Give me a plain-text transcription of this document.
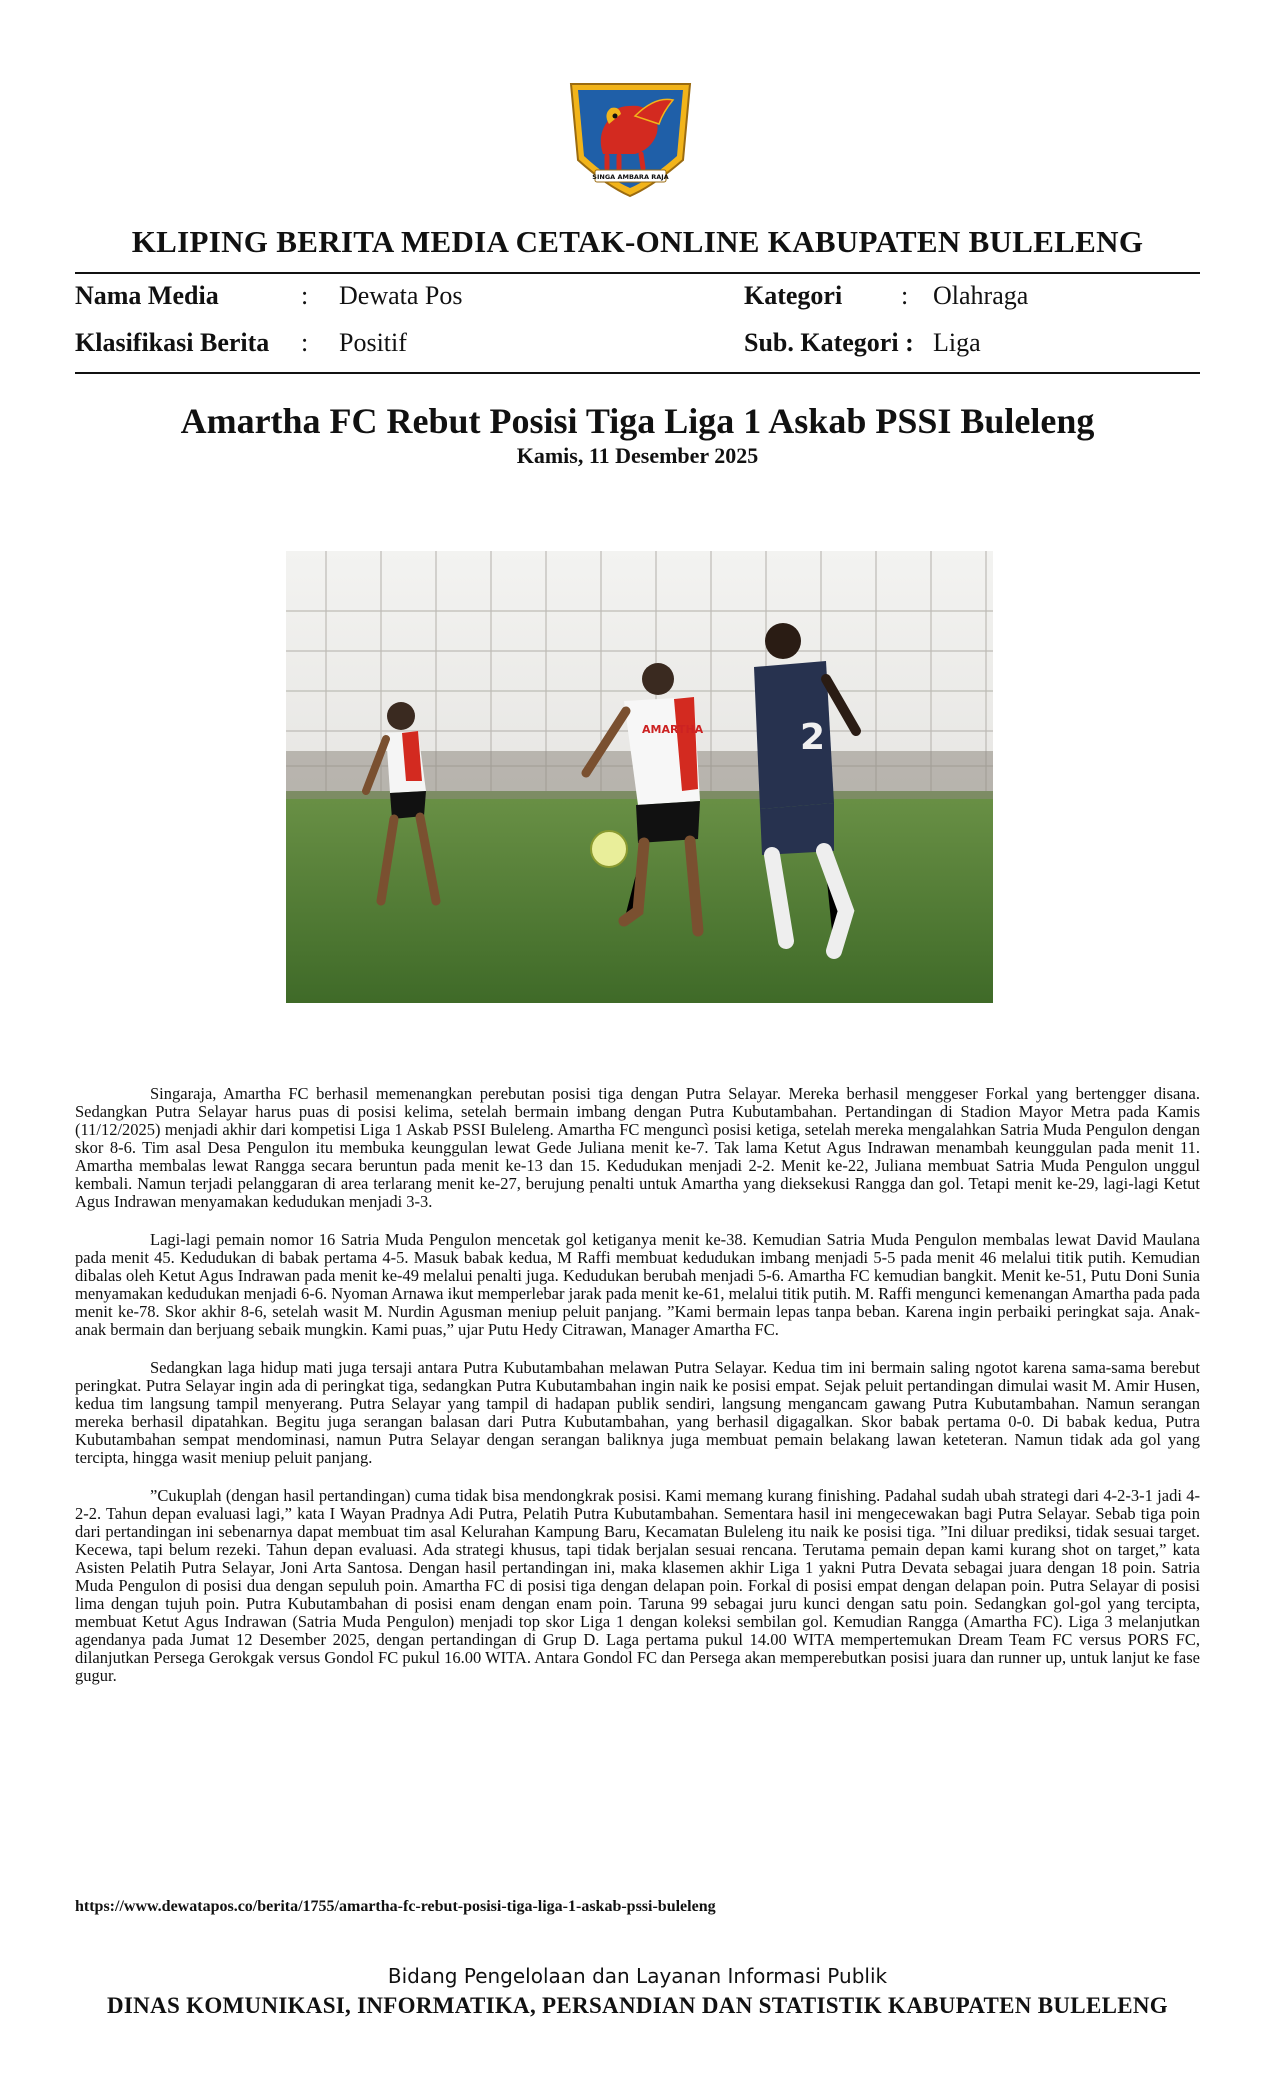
SINGA AMBARA RAJA
KLIPING BERITA MEDIA CETAK-ONLINE KABUPATEN BULELENG
Nama Media	: Dewata Pos	Kategori : Olahraga
Klasifikasi Berita : Positif	Sub. Kategori : Liga
Amartha FC Rebut Posisi Tiga Liga 1 Askab PSSI Buleleng
Kamis, 11 Desember 2025
AMARTHA	2

Singaraja, Amartha FC berhasil memenangkan perebutan posisi tiga dengan Putra Selayar. Mereka berhasil menggeser Forkal yang bertengger disana. Sedangkan Putra Selayar harus puas di posisi kelima, setelah bermain imbang dengan Putra Kubutambahan. Pertandingan di Stadion Mayor Metra pada Kamis (11/12/2025) menjadi akhir dari kompetisi Liga 1 Askab PSSI Buleleng. Amartha FC menguncì posisi ketiga, setelah mereka mengalahkan Satria Muda Pengulon dengan skor 8-6. Tim asal Desa Pengulon itu membuka keunggulan lewat Gede Juliana menit ke-7. Tak lama Ketut Agus Indrawan menambah keunggulan pada menit 11. Amartha membalas lewat Rangga secara beruntun pada menit ke-13 dan 15. Kedudukan menjadi 2-2. Menit ke-22, Juliana membuat Satria Muda Pengulon unggul kembali. Namun terjadi pelanggaran di area terlarang menit ke-27, berujung penalti untuk Amartha yang dieksekusi Rangga dan gol. Tetapi menit ke-29, lagi-lagi Ketut Agus Indrawan menyamakan kedudukan menjadi 3-3.

Lagi-lagi pemain nomor 16 Satria Muda Pengulon mencetak gol ketiganya menit ke-38. Kemudian Satria Muda Pengulon membalas lewat David Maulana pada menit 45. Kedudukan di babak pertama 4-5. Masuk babak kedua, M Raffi membuat kedudukan imbang menjadi 5-5 pada menit 46 melalui titik putih. Kemudian dibalas oleh Ketut Agus Indrawan pada menit ke-49 melalui penalti juga. Kedudukan berubah menjadi 5-6. Amartha FC kemudian bangkit. Menit ke-51, Putu Doni Sunia menyamakan kedudukan menjadi 6-6. Nyoman Arnawa ikut memperlebar jarak pada menit ke-61, melalui titik putih. M. Raffi mengunci kemenangan Amartha pada pada menit ke-78. Skor akhir 8-6, setelah wasit M. Nurdin Agusman meniup peluit panjang. ”Kami bermain lepas tanpa beban. Karena ingin perbaiki peringkat saja. Anak-anak bermain dan berjuang sebaik mungkin. Kami puas,” ujar Putu Hedy Citrawan, Manager Amartha FC.

Sedangkan laga hidup mati juga tersaji antara Putra Kubutambahan melawan Putra Selayar. Kedua tim ini bermain saling ngotot karena sama-sama berebut peringkat. Putra Selayar ingin ada di peringkat tiga, sedangkan Putra Kubutambahan ingin naik ke posisi empat. Sejak peluit pertandingan dimulai wasit M. Amir Husen, kedua tim langsung tampil menyerang. Putra Selayar yang tampil di hadapan publik sendiri, langsung mengancam gawang Putra Kubutambahan. Namun serangan mereka berhasil dipatahkan. Begitu juga serangan balasan dari Putra Kubutambahan, yang berhasil digagalkan. Skor babak pertama 0-0. Di babak kedua, Putra Kubutambahan sempat mendominasi, namun Putra Selayar dengan serangan baliknya juga membuat pemain belakang lawan keteteran. Namun tidak ada gol yang tercipta, hingga wasit meniup peluit panjang.

”Cukuplah (dengan hasil pertandingan) cuma tidak bisa mendongkrak posisi. Kami memang kurang finishing. Padahal sudah ubah strategi dari 4-2-3-1 jadi 4-2-2. Tahun depan evaluasi lagi,” kata I Wayan Pradnya Adi Putra, Pelatih Putra Kubutambahan. Sementara hasil ini mengecewakan bagi Putra Selayar. Sebab tiga poin dari pertandingan ini sebenarnya dapat membuat tim asal Kelurahan Kampung Baru, Kecamatan Buleleng itu naik ke posisi tiga. ”Ini diluar prediksi, tidak sesuai target. Kecewa, tapi belum rezeki. Tahun depan evaluasi. Ada strategi khusus, tapi tidak berjalan sesuai rencana. Terutama pemain depan kami kurang shot on target,” kata Asisten Pelatih Putra Selayar, Joni Arta Santosa. Dengan hasil pertandingan ini, maka klasemen akhir Liga 1 yakni Putra Devata sebagai juara dengan 18 poin. Satria Muda Pengulon di posisi dua dengan sepuluh poin. Amartha FC di posisi tiga dengan delapan poin. Forkal di posisi empat dengan delapan poin. Putra Selayar di posisi lima dengan tujuh poin. Putra Kubutambahan di posisi enam dengan enam poin. Taruna 99 sebagai juru kunci dengan satu poin. Sedangkan gol-gol yang tercipta, membuat Ketut Agus Indrawan (Satria Muda Pengulon) menjadi top skor Liga 1 dengan koleksi sembilan gol. Kemudian Rangga (Amartha FC). Liga 3 melanjutkan agendanya pada Jumat 12 Desember 2025, dengan pertandingan di Grup D. Laga pertama pukul 14.00 WITA mempertemukan Dream Team FC versus PORS FC, dilanjutkan Persega Gerokgak versus Gondol FC pukul 16.00 WITA. Antara Gondol FC dan Persega akan memperebutkan posisi juara dan runner up, untuk lanjut ke fase gugur.

https://www.dewatapos.co/berita/1755/amartha-fc-rebut-posisi-tiga-liga-1-askab-pssi-buleleng
Bidang Pengelolaan dan Layanan Informasi Publik
DINAS KOMUNIKASI, INFORMATIKA, PERSANDIAN DAN STATISTIK KABUPATEN BULELENG
